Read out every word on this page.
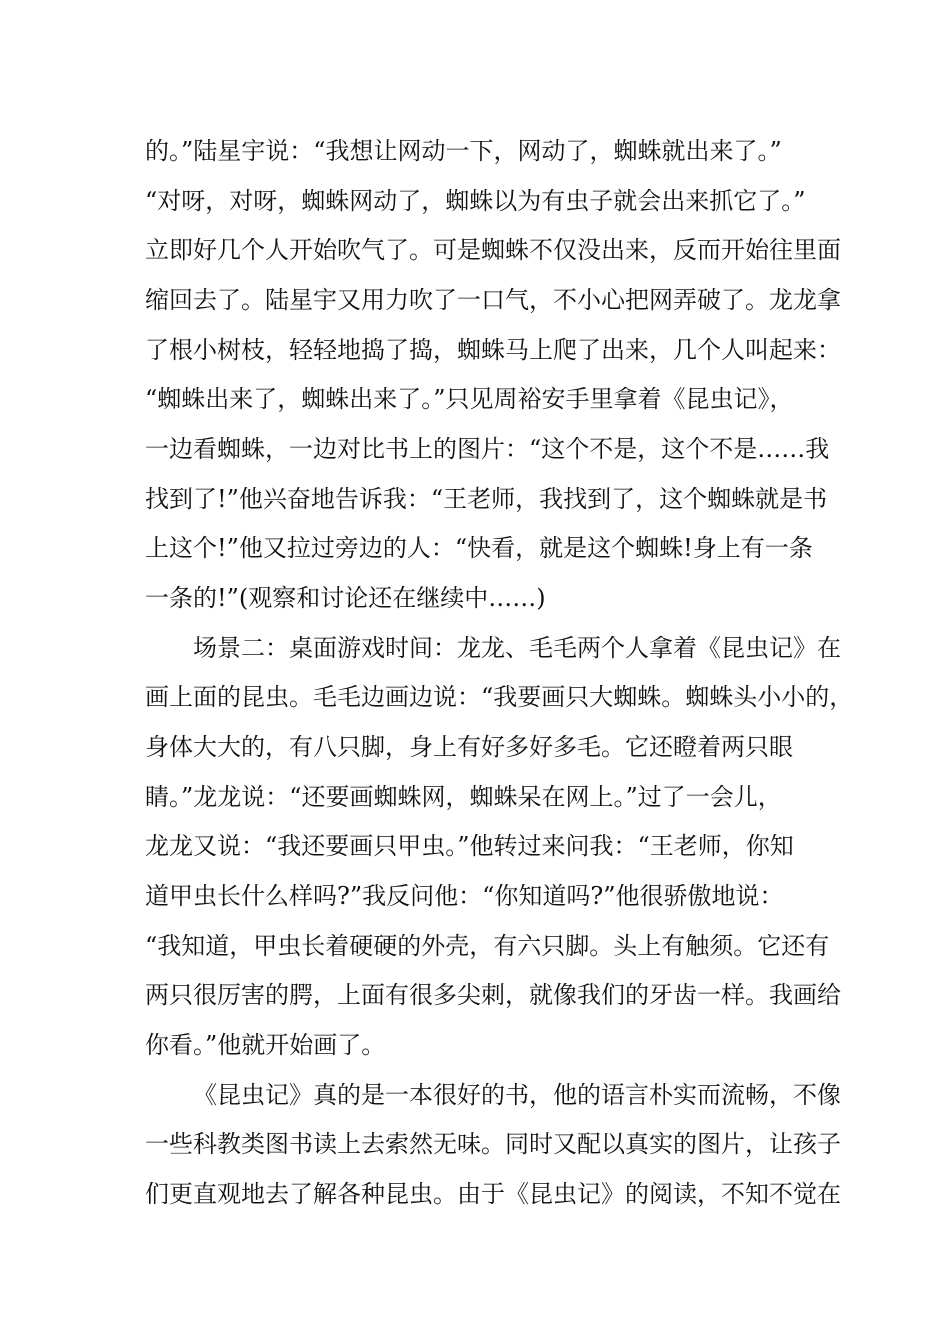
的。”陆星宇说：“我想让网动一下，网动了，蜘蛛就出来了。”
“对呀，对呀，蜘蛛网动了，蜘蛛以为有虫子就会出来抓它了。”
立即好几个人开始吹气了。可是蜘蛛不仅没出来，反而开始往里面
缩回去了。陆星宇又用力吹了一口气，不小心把网弄破了。龙龙拿
了根小树枝，轻轻地捣了捣，蜘蛛马上爬了出来，几个人叫起来：
“蜘蛛出来了，蜘蛛出来了。”只见周裕安手里拿着《昆虫记》，
一边看蜘蛛，一边对比书上的图片：“这个不是，这个不是……我
找到了!”他兴奋地告诉我：“王老师，我找到了，这个蜘蛛就是书
上这个!”他又拉过旁边的人：“快看，就是这个蜘蛛!身上有一条
一条的!”(观察和讨论还在继续中……)
场景二：桌面游戏时间：龙龙、毛毛两个人拿着《昆虫记》在
画上面的昆虫。毛毛边画边说：“我要画只大蜘蛛。蜘蛛头小小的，
身体大大的，有八只脚，身上有好多好多毛。它还瞪着两只眼
睛。”龙龙说：“还要画蜘蛛网，蜘蛛呆在网上。”过了一会儿，
龙龙又说：“我还要画只甲虫。”他转过来问我：“王老师，你知
道甲虫长什么样吗?”我反问他：“你知道吗?”他很骄傲地说：
“我知道，甲虫长着硬硬的外壳，有六只脚。头上有触须。它还有
两只很厉害的腭，上面有很多尖刺，就像我们的牙齿一样。我画给
你看。”他就开始画了。
《昆虫记》真的是一本很好的书，他的语言朴实而流畅，不像
一些科教类图书读上去索然无味。同时又配以真实的图片，让孩子
们更直观地去了解各种昆虫。由于《昆虫记》的阅读，不知不觉在
